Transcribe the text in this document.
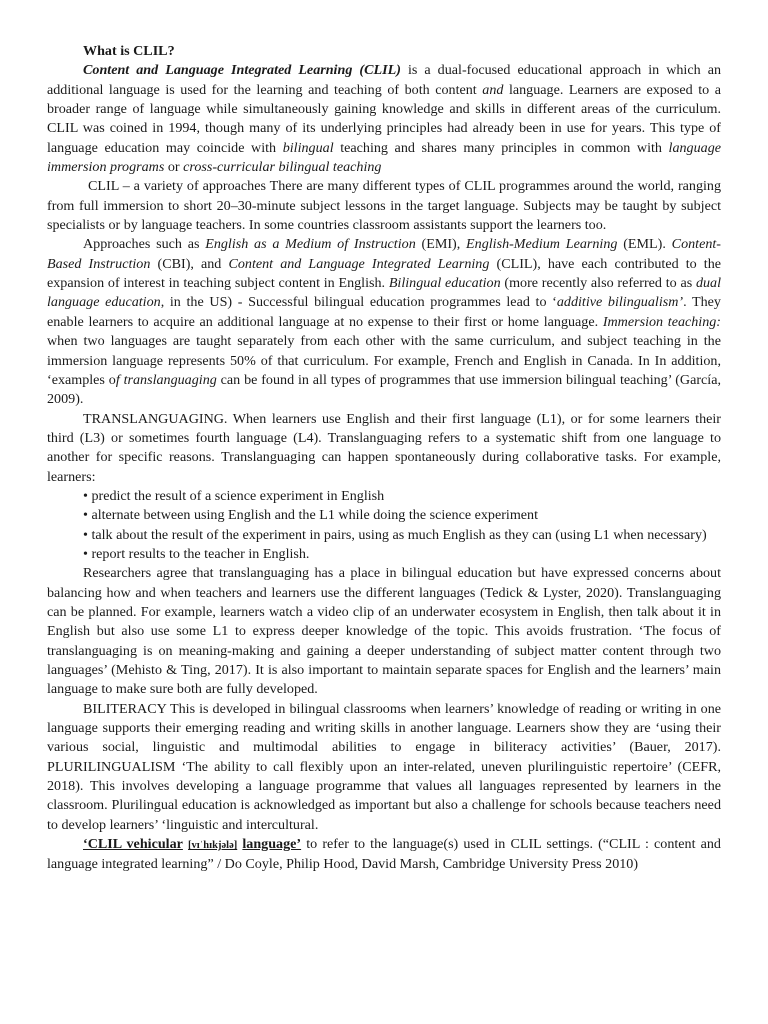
What is CLIL?

Content and Language Integrated Learning (CLIL) is a dual-focused educational approach in which an additional language is used for the learning and teaching of both content and language. Learners are exposed to a broader range of language while simultaneously gaining knowledge and skills in different areas of the curriculum. CLIL was coined in 1994, though many of its underlying principles had already been in use for years. This type of language education may coincide with bilingual teaching and shares many principles in common with language immersion programs or cross-curricular bilingual teaching

CLIL – a variety of approaches There are many different types of CLIL programmes around the world, ranging from full immersion to short 20–30-minute subject lessons in the target language. Subjects may be taught by subject specialists or by language teachers. In some countries classroom assistants support the learners too.

Approaches such as English as a Medium of Instruction (EMI), English-Medium Learning (EML). Content-Based Instruction (CBI), and Content and Language Integrated Learning (CLIL), have each contributed to the expansion of interest in teaching subject content in English. Bilingual education (more recently also referred to as dual language education, in the US) - Successful bilingual education programmes lead to ‘additive bilingualism’. They enable learners to acquire an additional language at no expense to their first or home language. Immersion teaching: when two languages are taught separately from each other with the same curriculum, and subject teaching in the immersion language represents 50% of that curriculum. For example, French and English in Canada. In In addition, ‘examples of translanguaging can be found in all types of programmes that use immersion bilingual teaching’ (García, 2009).

TRANSLANGUAGING. When learners use English and their first language (L1), or for some learners their third (L3) or sometimes fourth language (L4). Translanguaging refers to a systematic shift from one language to another for specific reasons. Translanguaging can happen spontaneously during collaborative tasks. For example, learners:

• predict the result of a science experiment in English

• alternate between using English and the L1 while doing the science experiment

• talk about the result of the experiment in pairs, using as much English as they can (using L1 when necessary)

• report results to the teacher in English.

Researchers agree that translanguaging has a place in bilingual education but have expressed concerns about balancing how and when teachers and learners use the different languages (Tedick & Lyster, 2020). Translanguaging can be planned. For example, learners watch a video clip of an underwater ecosystem in English, then talk about it in English but also use some L1 to express deeper knowledge of the topic. This avoids frustration. ‘The focus of translanguaging is on meaning-making and gaining a deeper understanding of subject matter content through two languages’ (Mehisto & Ting, 2017). It is also important to maintain separate spaces for English and the learners’ main language to make sure both are fully developed.

BILITERACY This is developed in bilingual classrooms when learners’ knowledge of reading or writing in one language supports their emerging reading and writing skills in another language. Learners show they are ‘using their various social, linguistic and multimodal abilities to engage in biliteracy activities’ (Bauer, 2017). PLURILINGUALISM ‘The ability to call flexibly upon an inter-related, uneven plurilinguistic repertoire’ (CEFR, 2018). This involves developing a language programme that values all languages represented by learners in the classroom. Plurilingual education is acknowledged as important but also a challenge for schools because teachers need to develop learners’ ‘linguistic and intercultural.

‘CLIL vehicular [vɪˈhɪkjələ] language’ to refer to the language(s) used in CLIL settings. (“CLIL : content and language integrated learning” / Do Coyle, Philip Hood, David Marsh, Cambridge University Press 2010)
